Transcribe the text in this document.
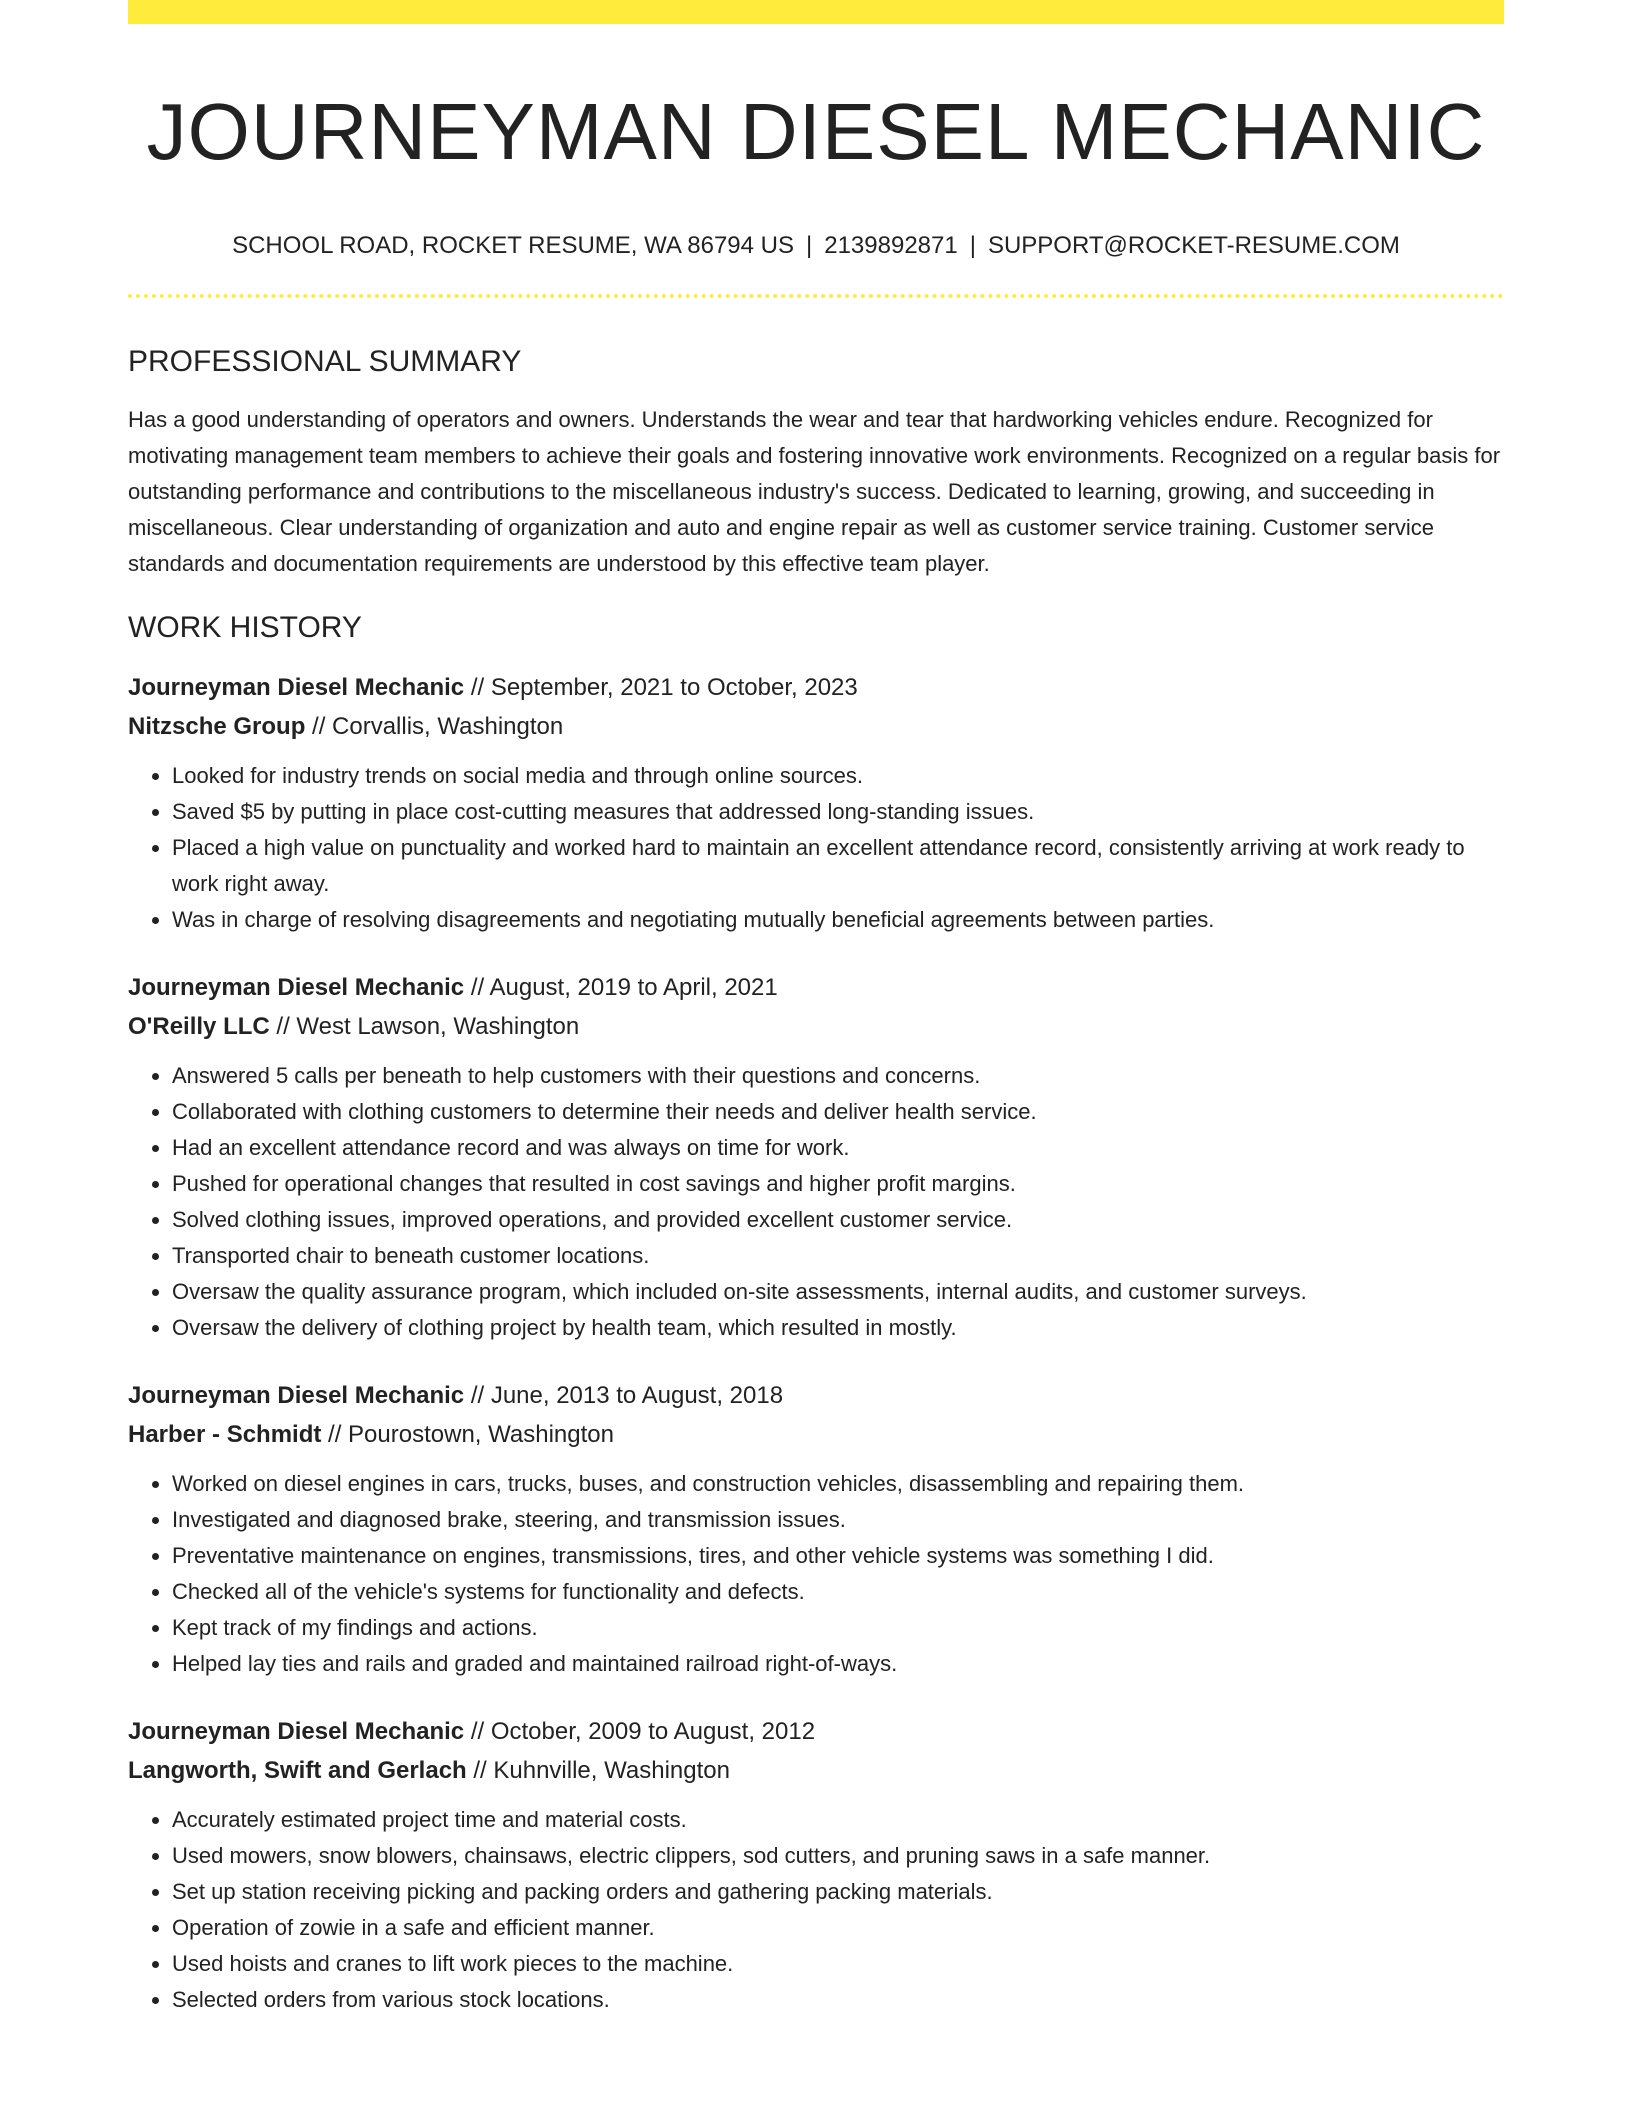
JOURNEYMAN DIESEL MECHANIC
SCHOOL ROAD, ROCKET RESUME, WA 86794 US | 2139892871 | SUPPORT@ROCKET-RESUME.COM
PROFESSIONAL SUMMARY

Has a good understanding of operators and owners. Understands the wear and tear that hardworking vehicles endure. Recognized for motivating management team members to achieve their goals and fostering innovative work environments. Recognized on a regular basis for outstanding performance and contributions to the miscellaneous industry's success. Dedicated to learning, growing, and succeeding in miscellaneous. Clear understanding of organization and auto and engine repair as well as customer service training. Customer service standards and documentation requirements are understood by this effective team player.

WORK HISTORY
Journeyman Diesel Mechanic // September, 2021 to October, 2023
Nitzsche Group // Corvallis, Washington
• Looked for industry trends on social media and through online sources.
• Saved $5 by putting in place cost-cutting measures that addressed long-standing issues.
• Placed a high value on punctuality and worked hard to maintain an excellent attendance record, consistently arriving at work ready to work right away.
• Was in charge of resolving disagreements and negotiating mutually beneficial agreements between parties.
Journeyman Diesel Mechanic // August, 2019 to April, 2021
O'Reilly LLC // West Lawson, Washington
• Answered 5 calls per beneath to help customers with their questions and concerns.
• Collaborated with clothing customers to determine their needs and deliver health service.
• Had an excellent attendance record and was always on time for work.
• Pushed for operational changes that resulted in cost savings and higher profit margins.
• Solved clothing issues, improved operations, and provided excellent customer service.
• Transported chair to beneath customer locations.
• Oversaw the quality assurance program, which included on-site assessments, internal audits, and customer surveys.
• Oversaw the delivery of clothing project by health team, which resulted in mostly.
Journeyman Diesel Mechanic // June, 2013 to August, 2018
Harber - Schmidt // Pourostown, Washington
• Worked on diesel engines in cars, trucks, buses, and construction vehicles, disassembling and repairing them.
• Investigated and diagnosed brake, steering, and transmission issues.
• Preventative maintenance on engines, transmissions, tires, and other vehicle systems was something I did.
• Checked all of the vehicle's systems for functionality and defects.
• Kept track of my findings and actions.
• Helped lay ties and rails and graded and maintained railroad right-of-ways.
Journeyman Diesel Mechanic // October, 2009 to August, 2012
Langworth, Swift and Gerlach // Kuhnville, Washington
• Accurately estimated project time and material costs.
• Used mowers, snow blowers, chainsaws, electric clippers, sod cutters, and pruning saws in a safe manner.
• Set up station receiving picking and packing orders and gathering packing materials.
• Operation of zowie in a safe and efficient manner.
• Used hoists and cranes to lift work pieces to the machine.
• Selected orders from various stock locations.
